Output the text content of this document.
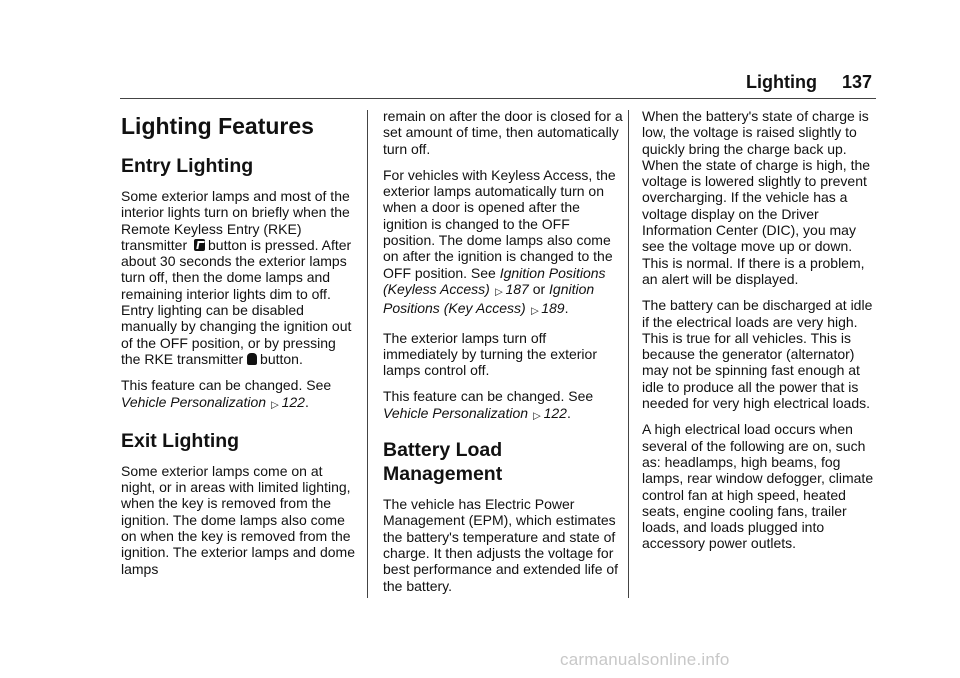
Lighting 137
Lighting Features
Entry Lighting

Some exterior lamps and most of the interior lights turn on briefly when the Remote Keyless Entry (RKE) transmitter button is pressed. After about 30 seconds the exterior lamps turn off, then the dome lamps and remaining interior lights dim to off. Entry lighting can be disabled manually by changing the ignition out of the OFF position, or by pressing the RKE transmitter button.

This feature can be changed. See Vehicle Personalization ▽122.

Exit Lighting

Some exterior lamps come on at night, or in areas with limited lighting, when the key is removed from the ignition. The dome lamps also come on when the key is removed from the ignition. The exterior lamps and dome lamps

remain on after the door is closed for a set amount of time, then automatically turn off.

For vehicles with Keyless Access, the exterior lamps automatically turn on when a door is opened after the ignition is changed to the OFF position. The dome lamps also come on after the ignition is changed to the OFF position. See Ignition Positions (Keyless Access) ▽187 or Ignition Positions (Key Access) ▽189.

The exterior lamps turn off immediately by turning the exterior lamps control off.

This feature can be changed. See Vehicle Personalization ▽122.

Battery Load
Management

The vehicle has Electric Power Management (EPM), which estimates the battery's temperature and state of charge. It then adjusts the voltage for best performance and extended life of the battery.

When the battery's state of charge is low, the voltage is raised slightly to quickly bring the charge back up. When the state of charge is high, the voltage is lowered slightly to prevent overcharging. If the vehicle has a voltage display on the Driver Information Center (DIC), you may see the voltage move up or down. This is normal. If there is a problem, an alert will be displayed.

The battery can be discharged at idle if the electrical loads are very high. This is true for all vehicles. This is because the generator (alternator) may not be spinning fast enough at idle to produce all the power that is needed for very high electrical loads.

A high electrical load occurs when several of the following are on, such as: headlamps, high beams, fog lamps, rear window defogger, climate control fan at high speed, heated seats, engine cooling fans, trailer loads, and loads plugged into accessory power outlets.

carmanualsonline.info
